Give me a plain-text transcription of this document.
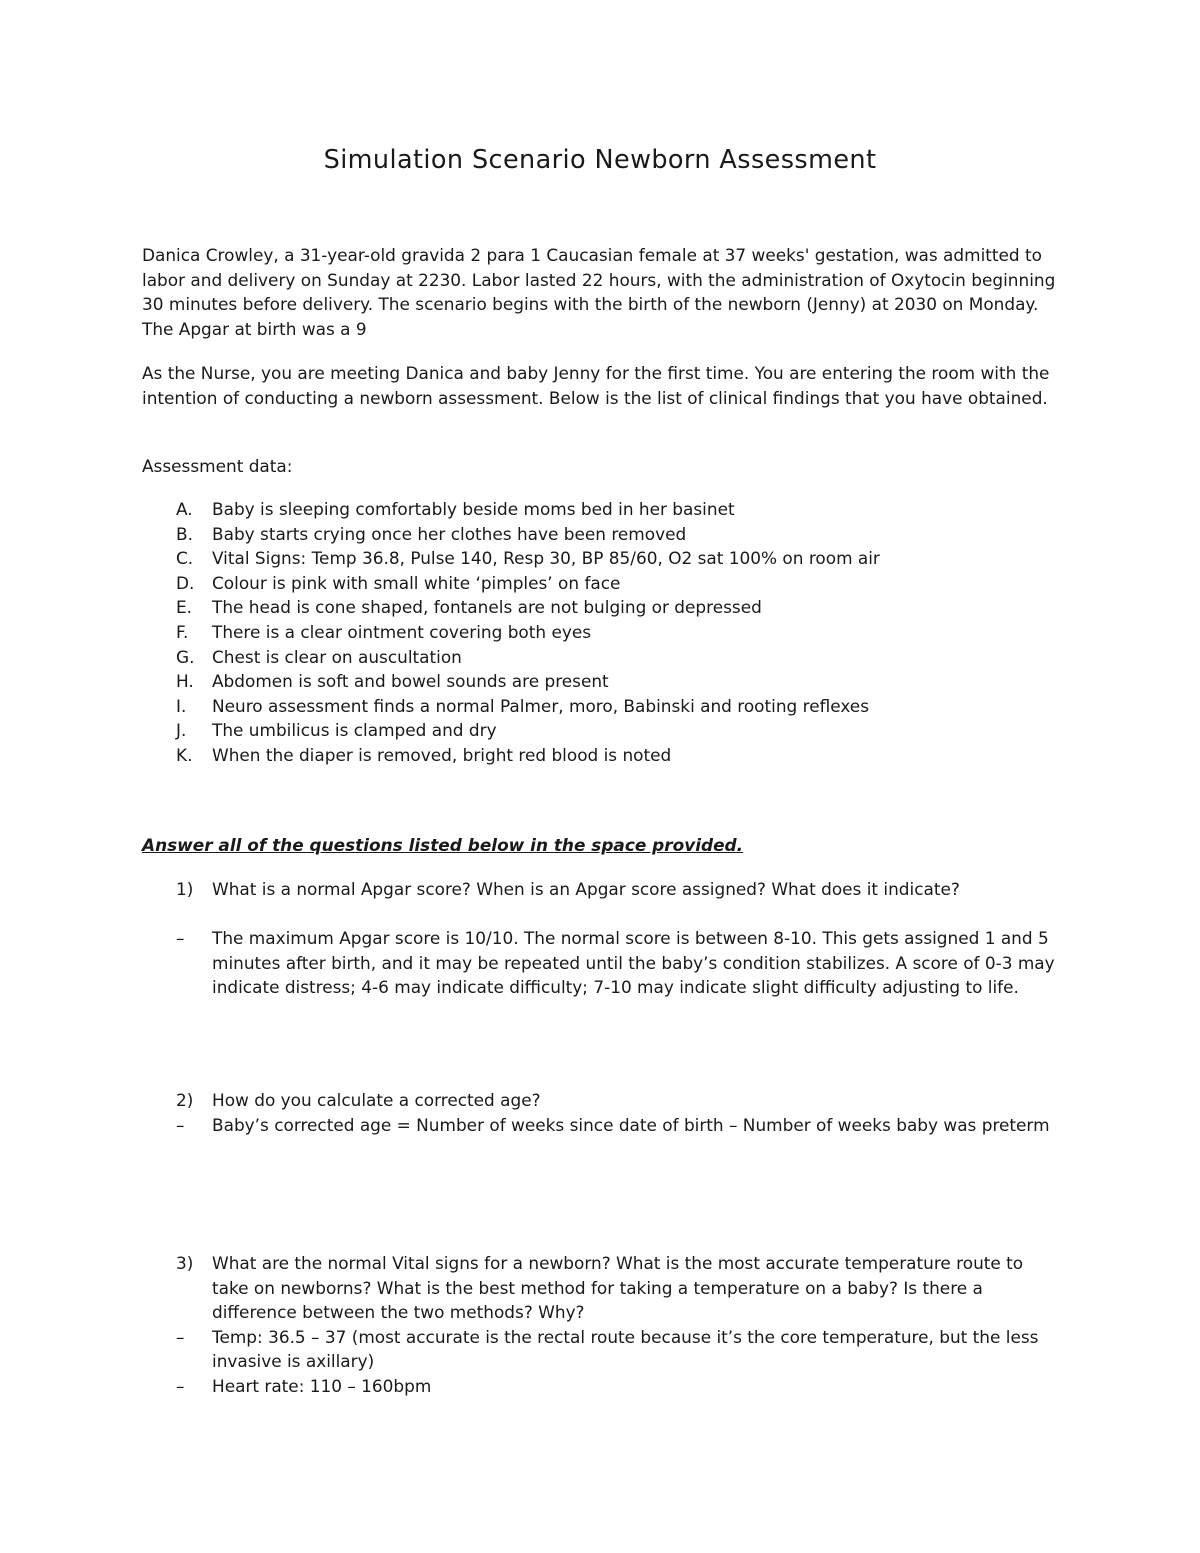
Simulation Scenario Newborn Assessment

Danica Crowley, a 31-year-old gravida 2 para 1 Caucasian female at 37 weeks' gestation, was admitted to labor and delivery on Sunday at 2230. Labor lasted 22 hours, with the administration of Oxytocin beginning 30 minutes before delivery. The scenario begins with the birth of the newborn (Jenny) at 2030 on Monday. The Apgar at birth was a 9

As the Nurse, you are meeting Danica and baby Jenny for the first time. You are entering the room with the intention of conducting a newborn assessment. Below is the list of clinical findings that you have obtained.

Assessment data:
A.	Baby is sleeping comfortably beside moms bed in her basinet
B.	Baby starts crying once her clothes have been removed
C.	Vital Signs: Temp 36.8, Pulse 140, Resp 30, BP 85/60, O2 sat 100% on room air
D.	Colour is pink with small white ‘pimples’ on face
E.	The head is cone shaped, fontanels are not bulging or depressed
F.	There is a clear ointment covering both eyes
G.	Chest is clear on auscultation
H.	Abdomen is soft and bowel sounds are present
I.	Neuro assessment finds a normal Palmer, moro, Babinski and rooting reflexes
J.	The umbilicus is clamped and dry
K.	When the diaper is removed, bright red blood is noted
Answer all of the questions listed below in the space provided.
1)	What is a normal Apgar score? When is an Apgar score assigned? What does it indicate?
–	The maximum Apgar score is 10/10. The normal score is between 8-10. This gets assigned 1 and 5 minutes after birth, and it may be repeated until the baby’s condition stabilizes. A score of 0-3 may indicate distress; 4-6 may indicate difficulty; 7-10 may indicate slight difficulty adjusting to life.
2)	How do you calculate a corrected age?
–	Baby’s corrected age = Number of weeks since date of birth – Number of weeks baby was preterm
3)	What are the normal Vital signs for a newborn? What is the most accurate temperature route to take on newborns? What is the best method for taking a temperature on a baby? Is there a difference between the two methods? Why?
–	Temp: 36.5 – 37 (most accurate is the rectal route because it’s the core temperature, but the less invasive is axillary)
–	Heart rate: 110 – 160bpm
